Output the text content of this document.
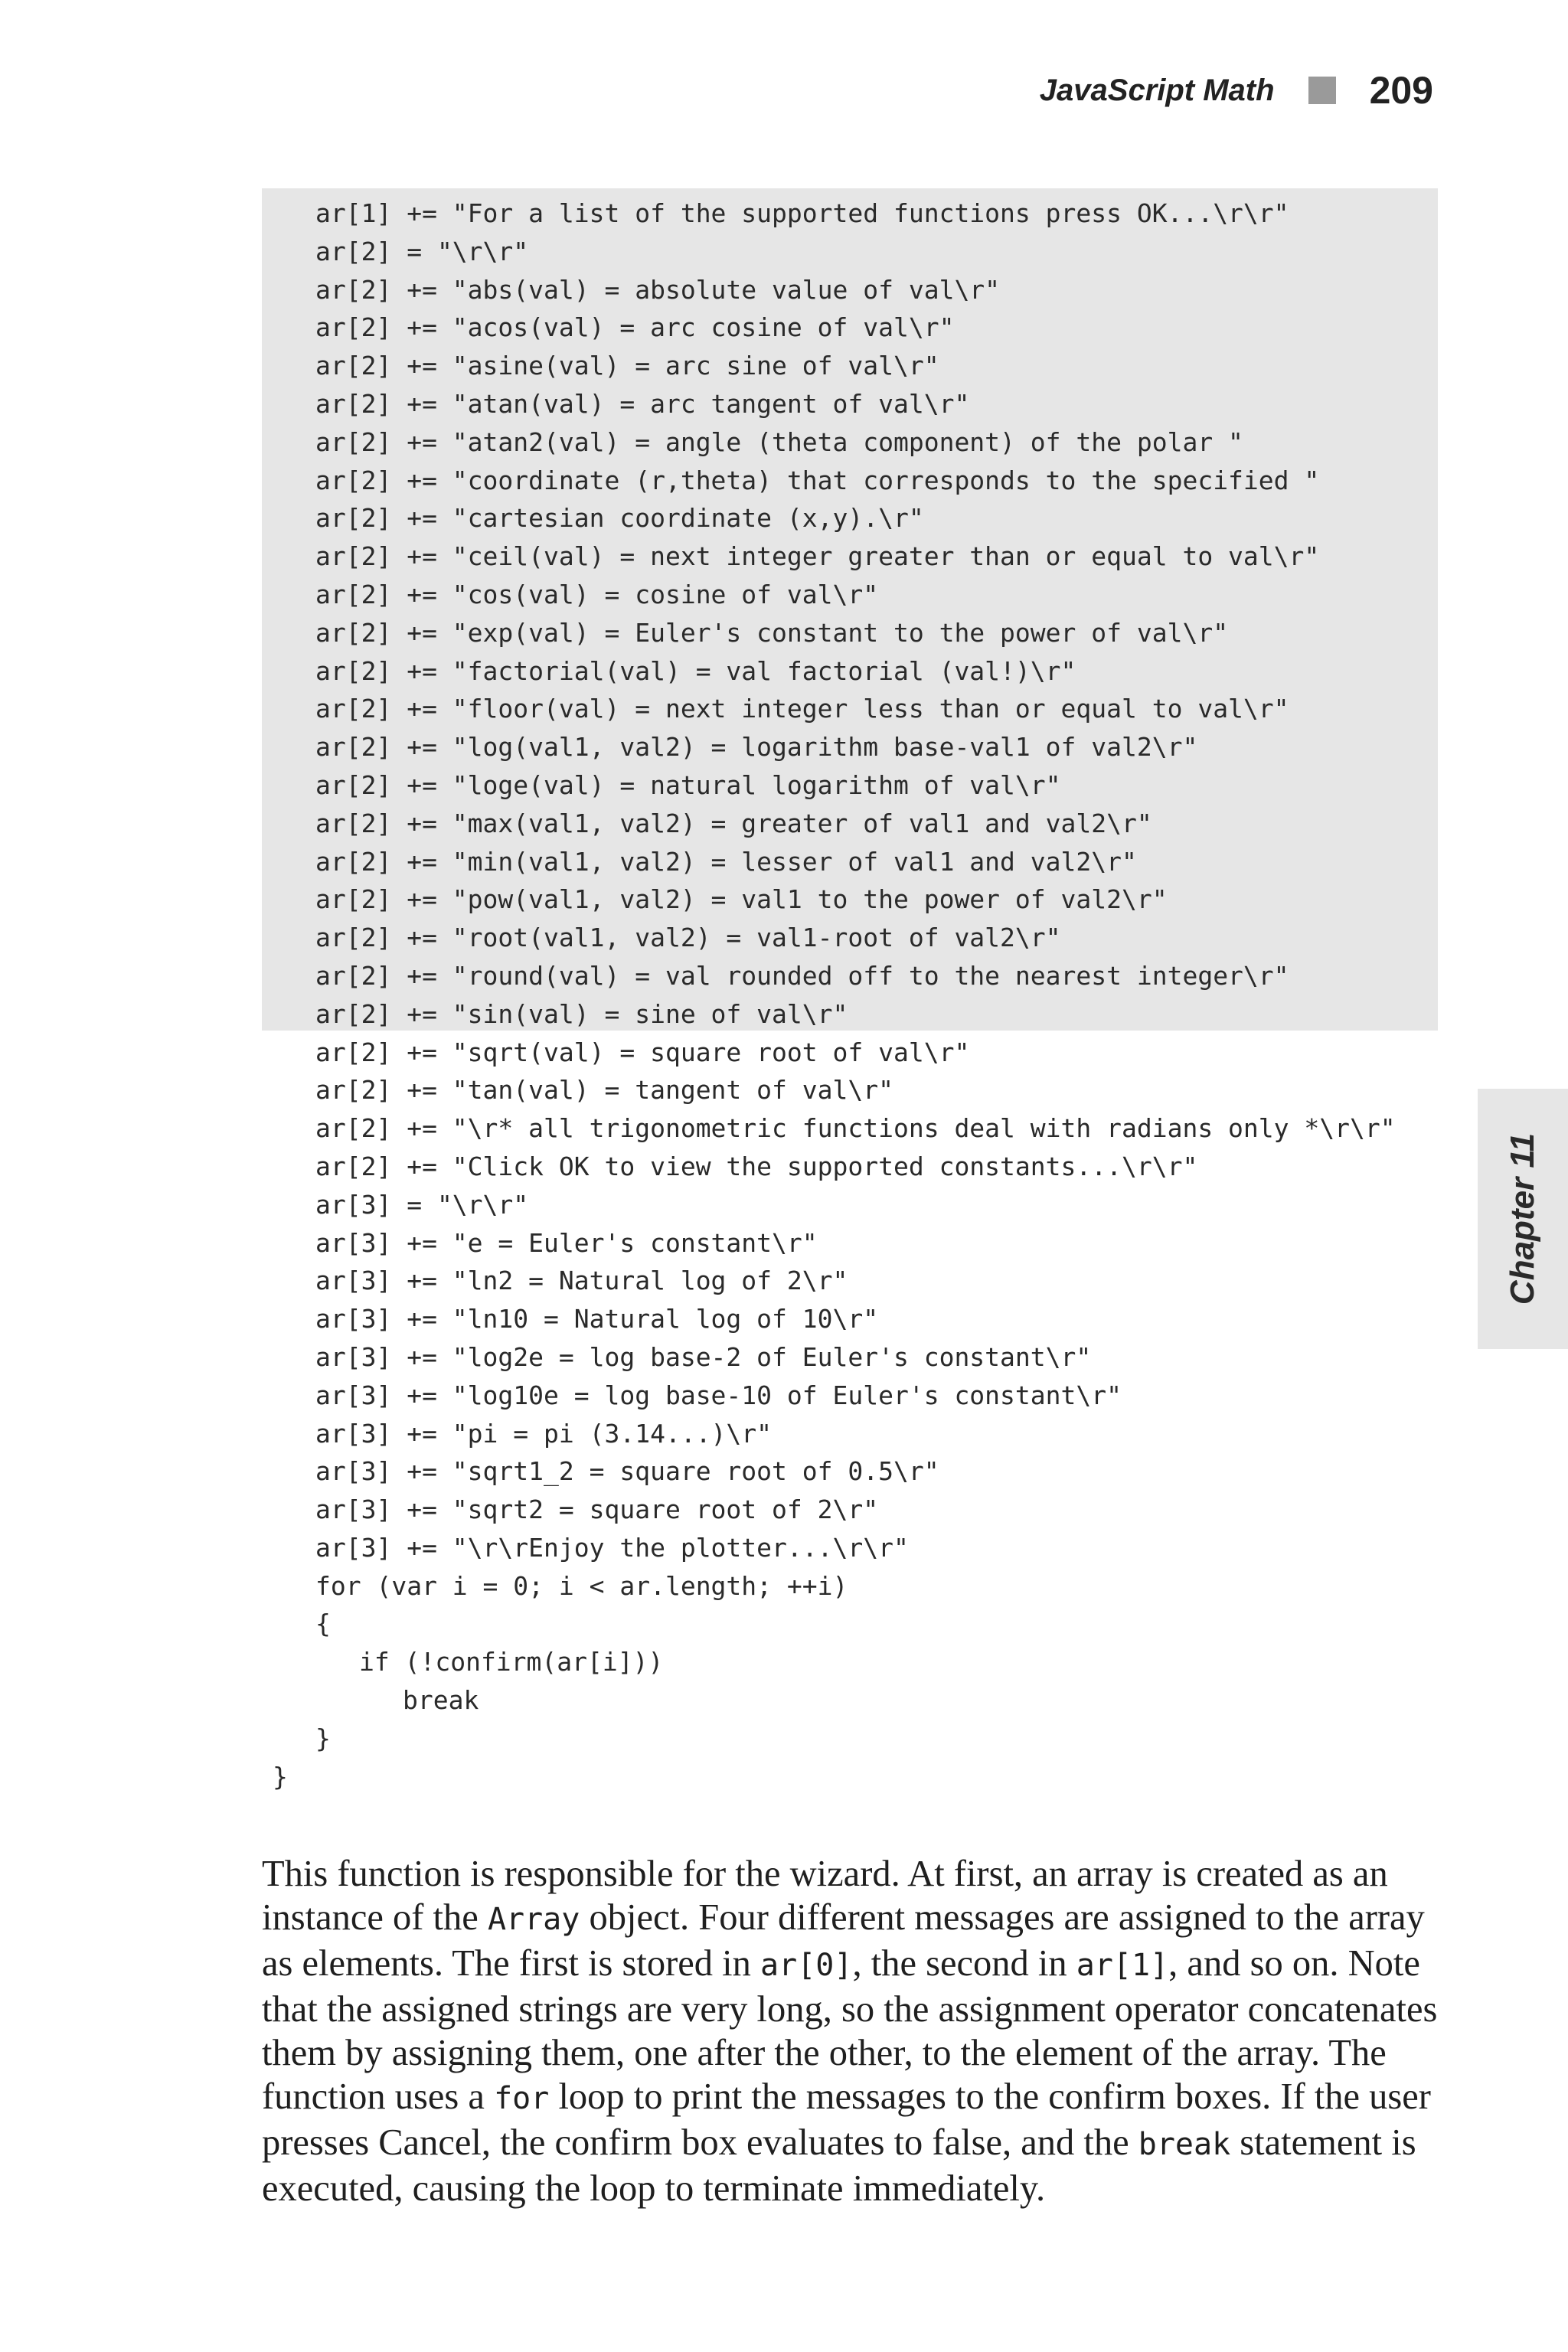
JavaScript Math 209
ar[1] += "For a list of the supported functions press OK...\r\r"
ar[2] = "\r\r"
ar[2] += "abs(val) = absolute value of val\r"
ar[2] += "acos(val) = arc cosine of val\r"
ar[2] += "asine(val) = arc sine of val\r"
ar[2] += "atan(val) = arc tangent of val\r"
ar[2] += "atan2(val) = angle (theta component) of the polar "
ar[2] += "coordinate (r,theta) that corresponds to the specified "
ar[2] += "cartesian coordinate (x,y).\r"
ar[2] += "ceil(val) = next integer greater than or equal to val\r"
ar[2] += "cos(val) = cosine of val\r"
ar[2] += "exp(val) = Euler's constant to the power of val\r"
ar[2] += "factorial(val) = val factorial (val!)\r"
ar[2] += "floor(val) = next integer less than or equal to val\r"
ar[2] += "log(val1, val2) = logarithm base-val1 of val2\r"
ar[2] += "loge(val) = natural logarithm of val\r"
ar[2] += "max(val1, val2) = greater of val1 and val2\r"
ar[2] += "min(val1, val2) = lesser of val1 and val2\r"
ar[2] += "pow(val1, val2) = val1 to the power of val2\r"
ar[2] += "root(val1, val2) = val1-root of val2\r"
ar[2] += "round(val) = val rounded off to the nearest integer\r"
ar[2] += "sin(val) = sine of val\r"
ar[2] += "sqrt(val) = square root of val\r"
ar[2] += "tan(val) = tangent of val\r"
ar[2] += "\r* all trigonometric functions deal with radians only *\r\r"
ar[2] += "Click OK to view the supported constants...\r\r"
ar[3] = "\r\r"
ar[3] += "e = Euler's constant\r"
ar[3] += "ln2 = Natural log of 2\r"
ar[3] += "ln10 = Natural log of 10\r"
ar[3] += "log2e = log base-2 of Euler's constant\r"
ar[3] += "log10e = log base-10 of Euler's constant\r"
ar[3] += "pi = pi (3.14...)\r"
ar[3] += "sqrt1_2 = square root of 0.5\r"
ar[3] += "sqrt2 = square root of 2\r"
ar[3] += "\r\rEnjoy the plotter...\r\r"
for (var i = 0; i < ar.length; ++i)
{
if (!confirm(ar[i]))
break
}
}

This function is responsible for the wizard. At first, an array is created as an instance of the Array object. Four different messages are assigned to the array as elements. The first is stored in ar[0], the second in ar[1], and so on. Note that the assigned strings are very long, so the assignment operator concatenates them by assigning them, one after the other, to the element of the array. The function uses a for loop to print the messages to the confirm boxes. If the user presses Cancel, the confirm box evaluates to false, and the break statement is executed, causing the loop to terminate immediately.

Chapter 11
